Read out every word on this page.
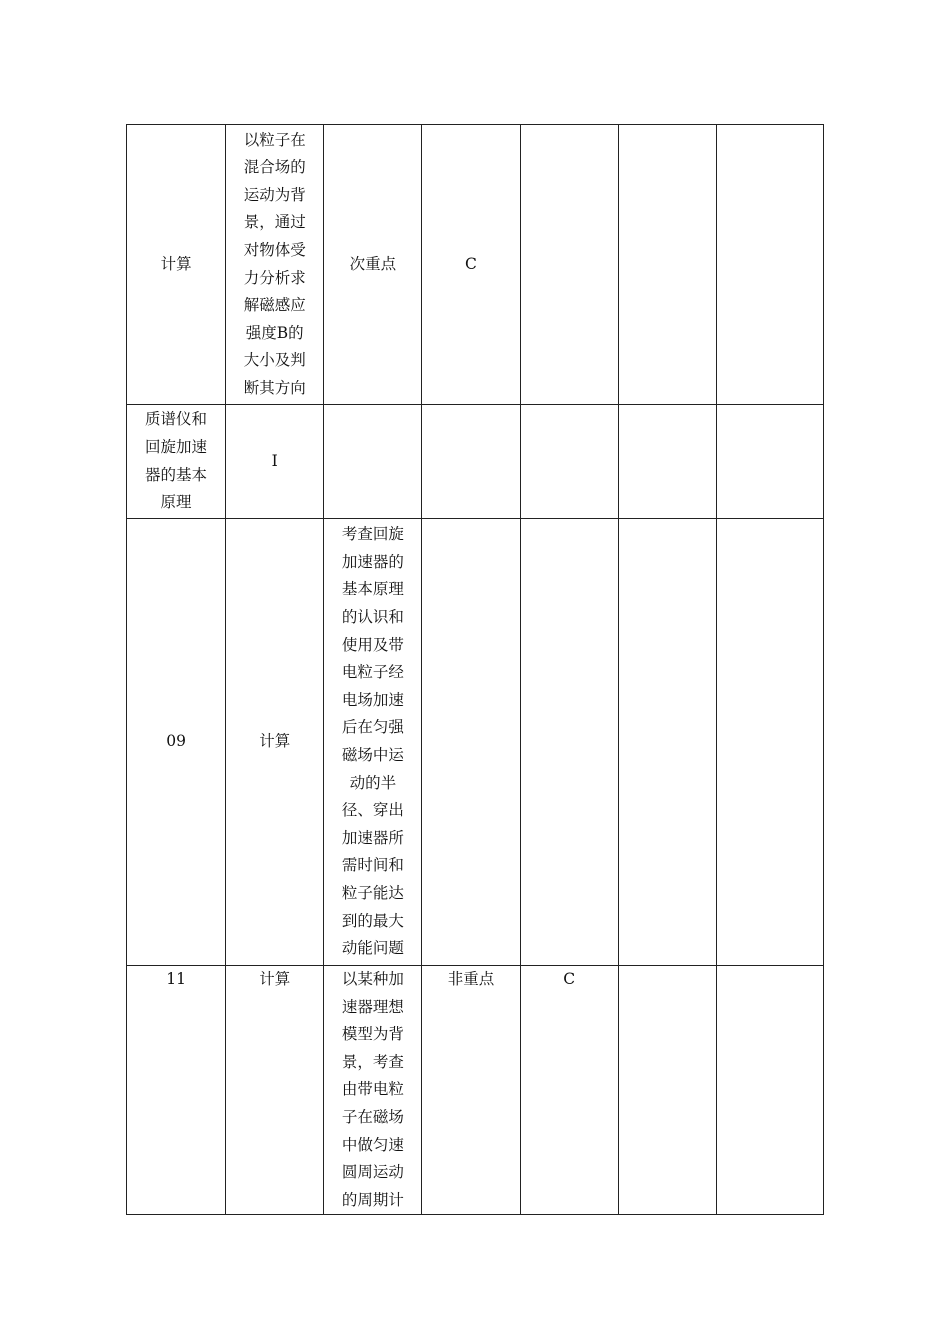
计算	以粒子在混合场的运动为背景，通过对物体受力分析求解磁感应强度B的大小及判断其方向	次重点	C			
质谱仪和回旋加速器的基本原理	Ⅰ					
09	计算	考查回旋加速器的基本原理的认识和使用及带电粒子经电场加速后在匀强磁场中运动的半径、穿出加速器所需时间和粒子能达到的最大动能问题				
11	计算	以某种加速器理想模型为背景，考查由带电粒子在磁场中做匀速圆周运动的周期计	非重点	C		
